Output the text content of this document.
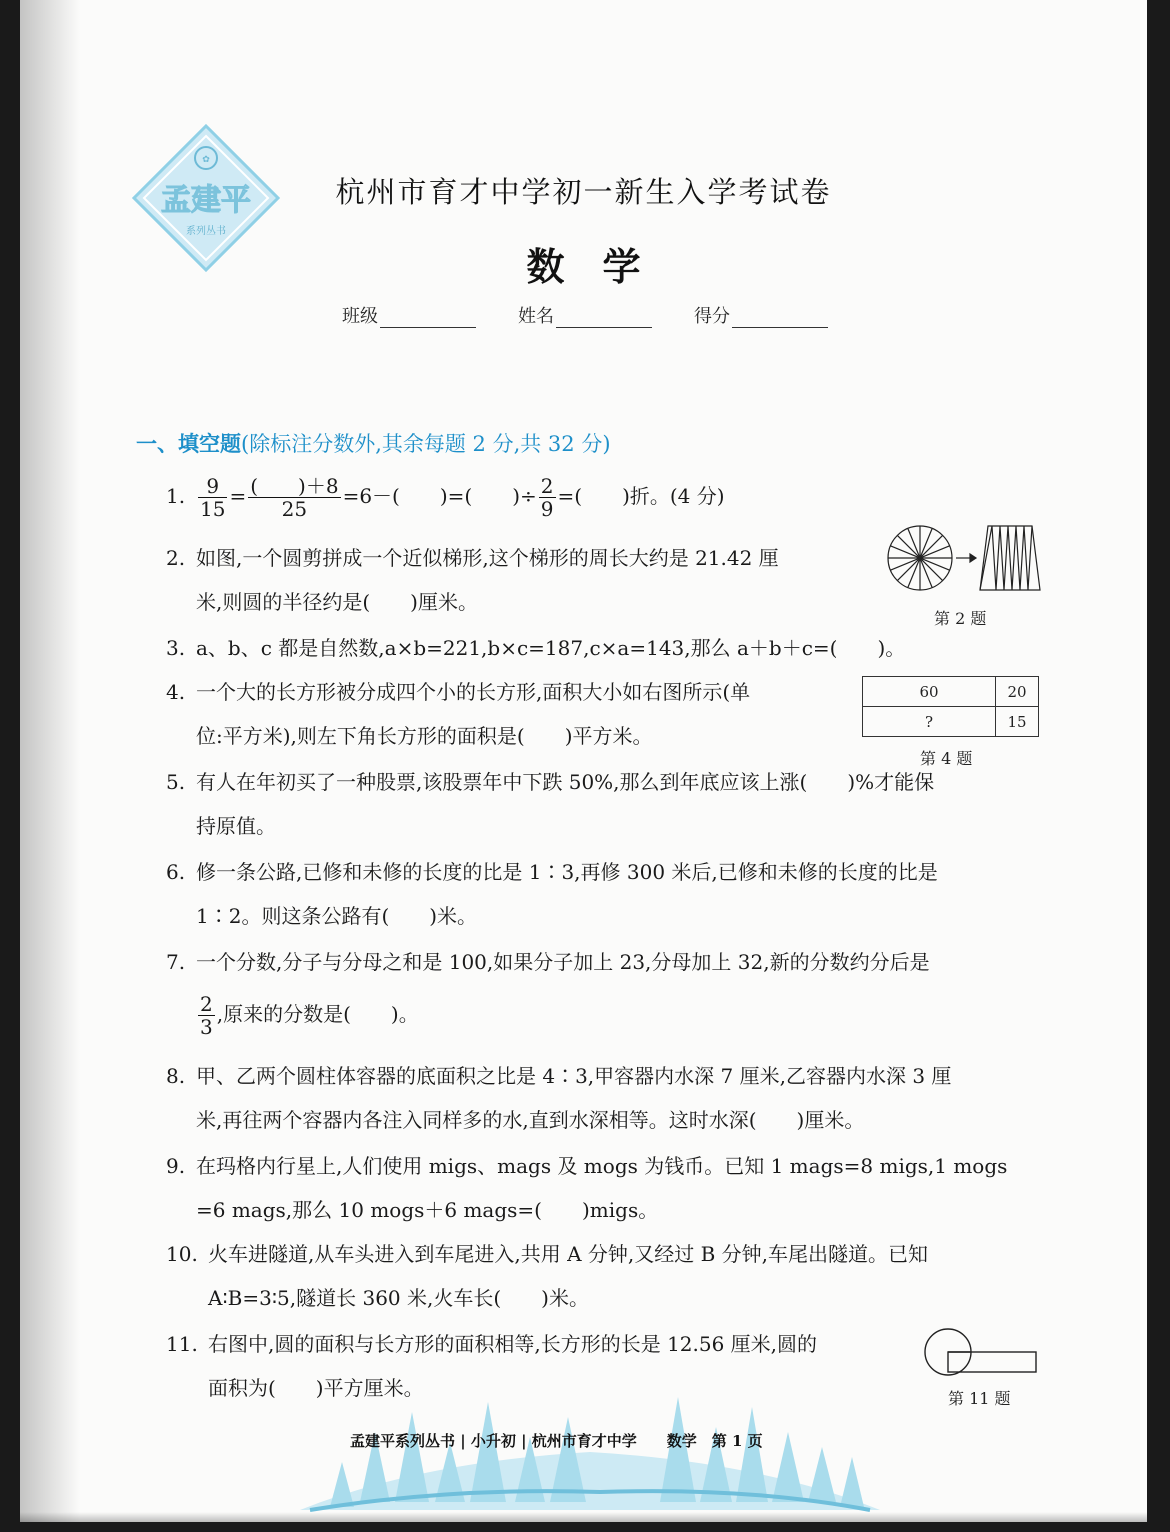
✿
孟建平
系列丛书
杭州市育才中学初一新生入学考试卷
数学
班级	姓名	得分
一、填空题(除标注分数外,其余每题 2 分,共 32 分)
1. $\frac{9}{15} = \frac{( )+8}{25} =6-$(　　)=(　　)÷ $\frac{2}{9}$ =(　　)折。(4 分)
2. 如图,一个圆剪拼成一个近似梯形,这个梯形的周长大约是 21.42 厘
米,则圆的半径约是(　　)厘米。
第 2 题
3. a、b、c 都是自然数,a×b=221,b×c=187,c×a=143,那么 a＋b＋c=(　　)。
4. 一个大的长方形被分成四个小的长方形,面积大小如右图所示(单
位:平方米),则左下角长方形的面积是(　　)平方米。
60	20
?	15
第 4 题
5. 有人在年初买了一种股票,该股票年中下跌 50%,那么到年底应该上涨(　　)%才能保
持原值。
6. 修一条公路,已修和未修的长度的比是 1∶3,再修 300 米后,已修和未修的长度的比是
1∶2。则这条公路有(　　)米。
7. 一个分数,分子与分母之和是 100,如果分子加上 23,分母加上 32,新的分数约分后是
$\frac{2}{3}$ ,原来的分数是(　　)。
8. 甲、乙两个圆柱体容器的底面积之比是 4∶3,甲容器内水深 7 厘米,乙容器内水深 3 厘
米,再往两个容器内各注入同样多的水,直到水深相等。这时水深(　　)厘米。
9. 在玛格内行星上,人们使用 migs、mags 及 mogs 为钱币。已知 1 mags=8 migs,1 mogs
=6 mags,那么 10 mogs＋6 mags=(　　)migs。
10. 火车进隧道,从车头进入到车尾进入,共用 A 分钟,又经过 B 分钟,车尾出隧道。已知
A∶B=3∶5,隧道长 360 米,火车长(　　)米。
11. 右图中,圆的面积与长方形的面积相等,长方形的长是 12.56 厘米,圆的
面积为(　　)平方厘米。	第 11 题
孟建平系列丛书 | 小升初 | 杭州市育才中学　　数学　第 1 页
